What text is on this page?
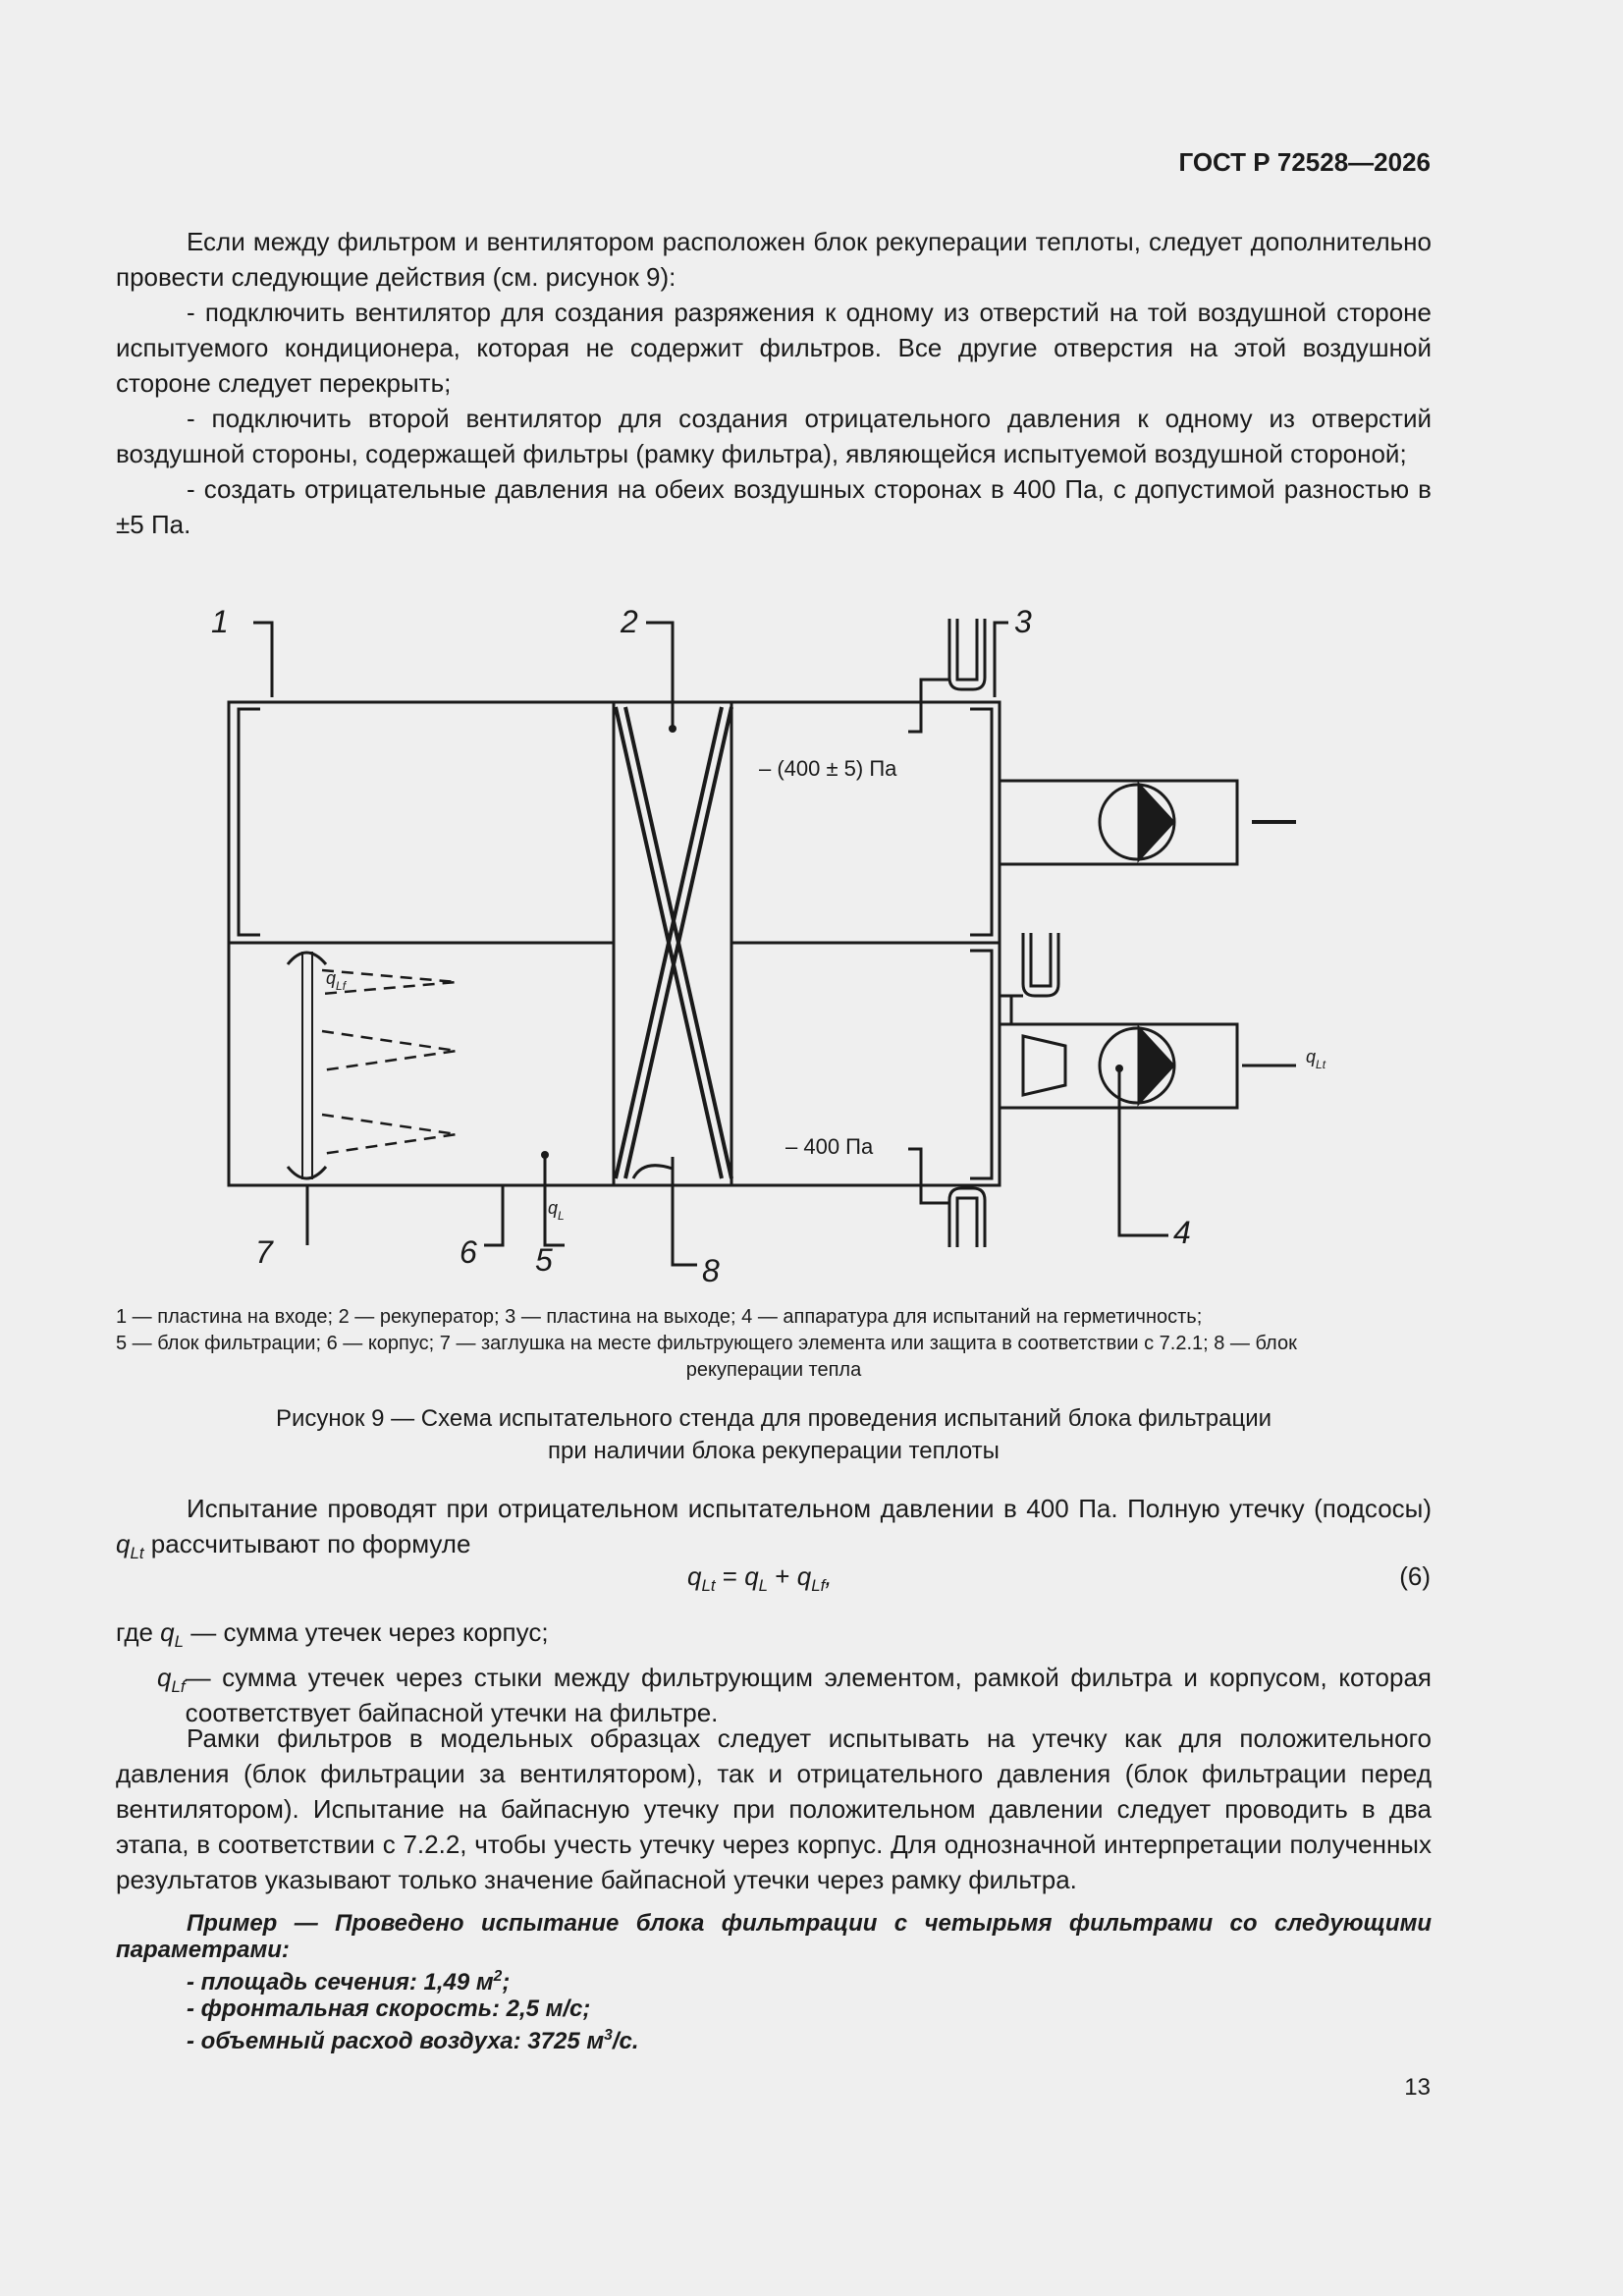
ГОСТ Р 72528—2026

Если между фильтром и вентилятором расположен блок рекуперации теплоты, следует дополнительно провести следующие действия (см. рисунок 9):

- подключить вентилятор для создания разряжения к одному из отверстий на той воздушной стороне испытуемого кондиционера, которая не содержит фильтров. Все другие отверстия на этой воздушной стороне следует перекрыть;

- подключить второй вентилятор для создания отрицательного давления к одному из отверстий воздушной стороны, содержащей фильтры (рамку фильтра), являющейся испытуемой воздушной стороной;

- создать отрицательные давления на обеих воздушных сторонах в 400 Па, с допустимой разностью в ±5 Па.

– (400 ± 5) Па
– 400 Па
1	2	3
4
5
6
7
8
$q_{Lf}$
$q_L$
$q_{Lt}$
1 — пластина на входе; 2 — рекуператор; 3 — пластина на выходе; 4 — аппаратура для испытаний на герметичность;
5 — блок фильтрации; 6 — корпус; 7 — заглушка на месте фильтрующего элемента или защита в соответствии с 7.2.1; 8 — блок
рекуперации тепла
Рисунок 9 — Схема испытательного стенда для проведения испытаний блока фильтрации
при наличии блока рекуперации теплоты

Испытание проводят при отрицательном испытательном давлении в 400 Па. Полную утечку (подсосы) $q_{Lt}$ рассчитывают по формуле

$q_{Lt} = q_L + q_{Lf}$,	(6)
где $q_L$ — сумма утечек через корпус;
$q_{Lf}$ — сумма утечек через стыки между фильтрующим элементом, рамкой фильтра и корпусом, которая соответствует байпасной утечки на фильтре.

Рамки фильтров в модельных образцах следует испытывать на утечку как для положительного давления (блок фильтрации за вентилятором), так и отрицательного давления (блок фильтрации перед вентилятором). Испытание на байпасную утечку при положительном давлении следует проводить в два этапа, в соответствии с 7.2.2, чтобы учесть утечку через корпус. Для однозначной интерпретации полученных результатов указывают только значение байпасной утечки через рамку фильтра.

Пример — Проведено испытание блока фильтрации с четырьмя фильтрами со следующими параметрами:

- площадь сечения: 1,49 $м^2$;
- фронтальная скорость: 2,5 м/с;
- объемный расход воздуха: 3725 $м^3/с$.
13
